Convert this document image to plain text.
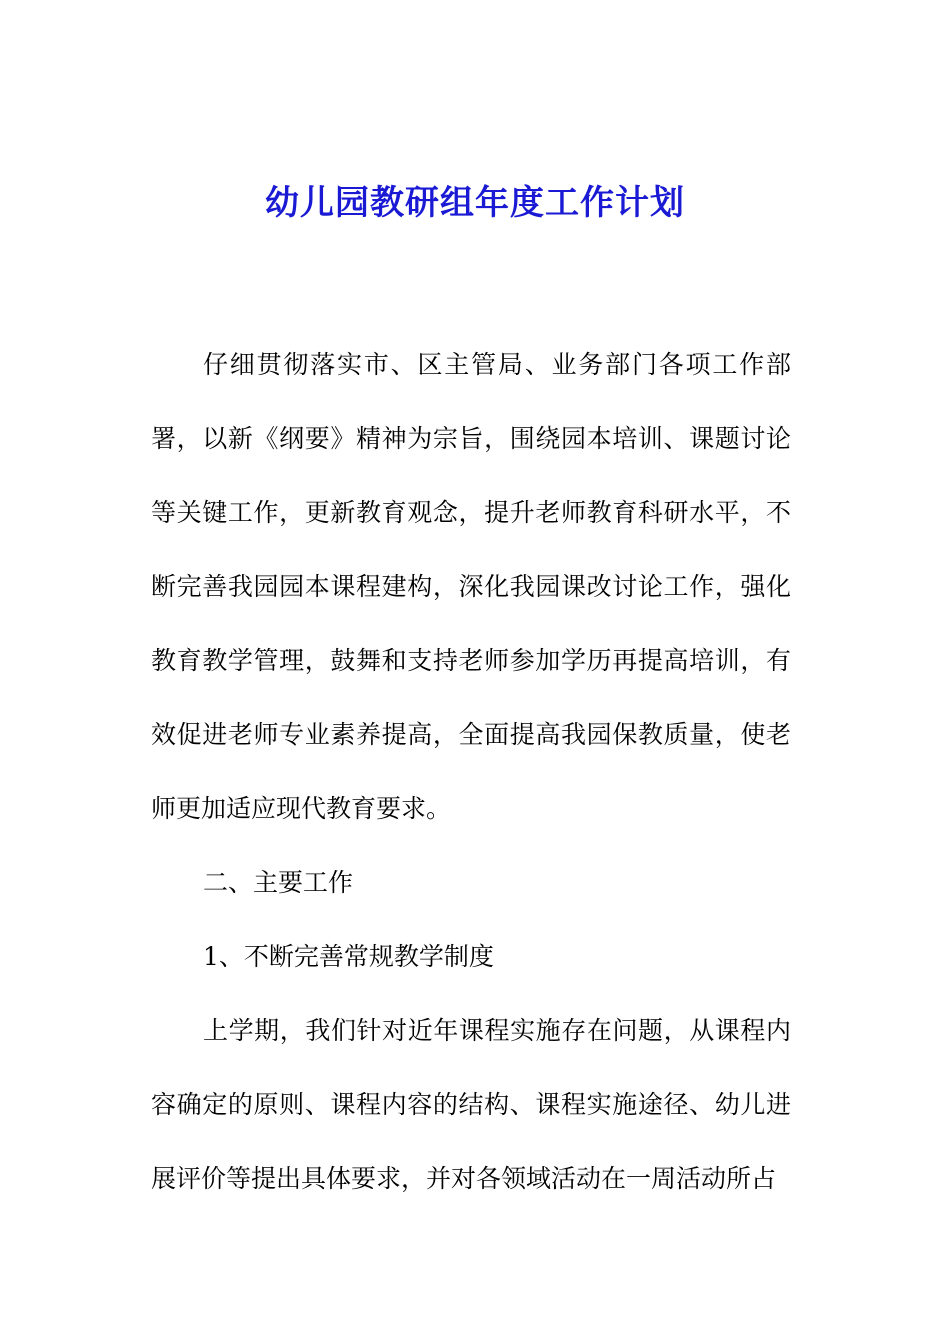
幼儿园教研组年度工作计划

仔细贯彻落实市、区主管局、业务部门各项工作部署，以新《纲要》精神为宗旨，围绕园本培训、课题讨论等关键工作，更新教育观念，提升老师教育科研水平，不断完善我园园本课程建构，深化我园课改讨论工作，强化教育教学管理，鼓舞和支持老师参加学历再提高培训，有效促进老师专业素养提高，全面提高我园保教质量，使老师更加适应现代教育要求。

二、主要工作

1、不断完善常规教学制度

上学期，我们针对近年课程实施存在问题，从课程内容确定的原则、课程内容的结构、课程实施途径、幼儿进展评价等提出具体要求，并对各领域活动在一周活动所占
